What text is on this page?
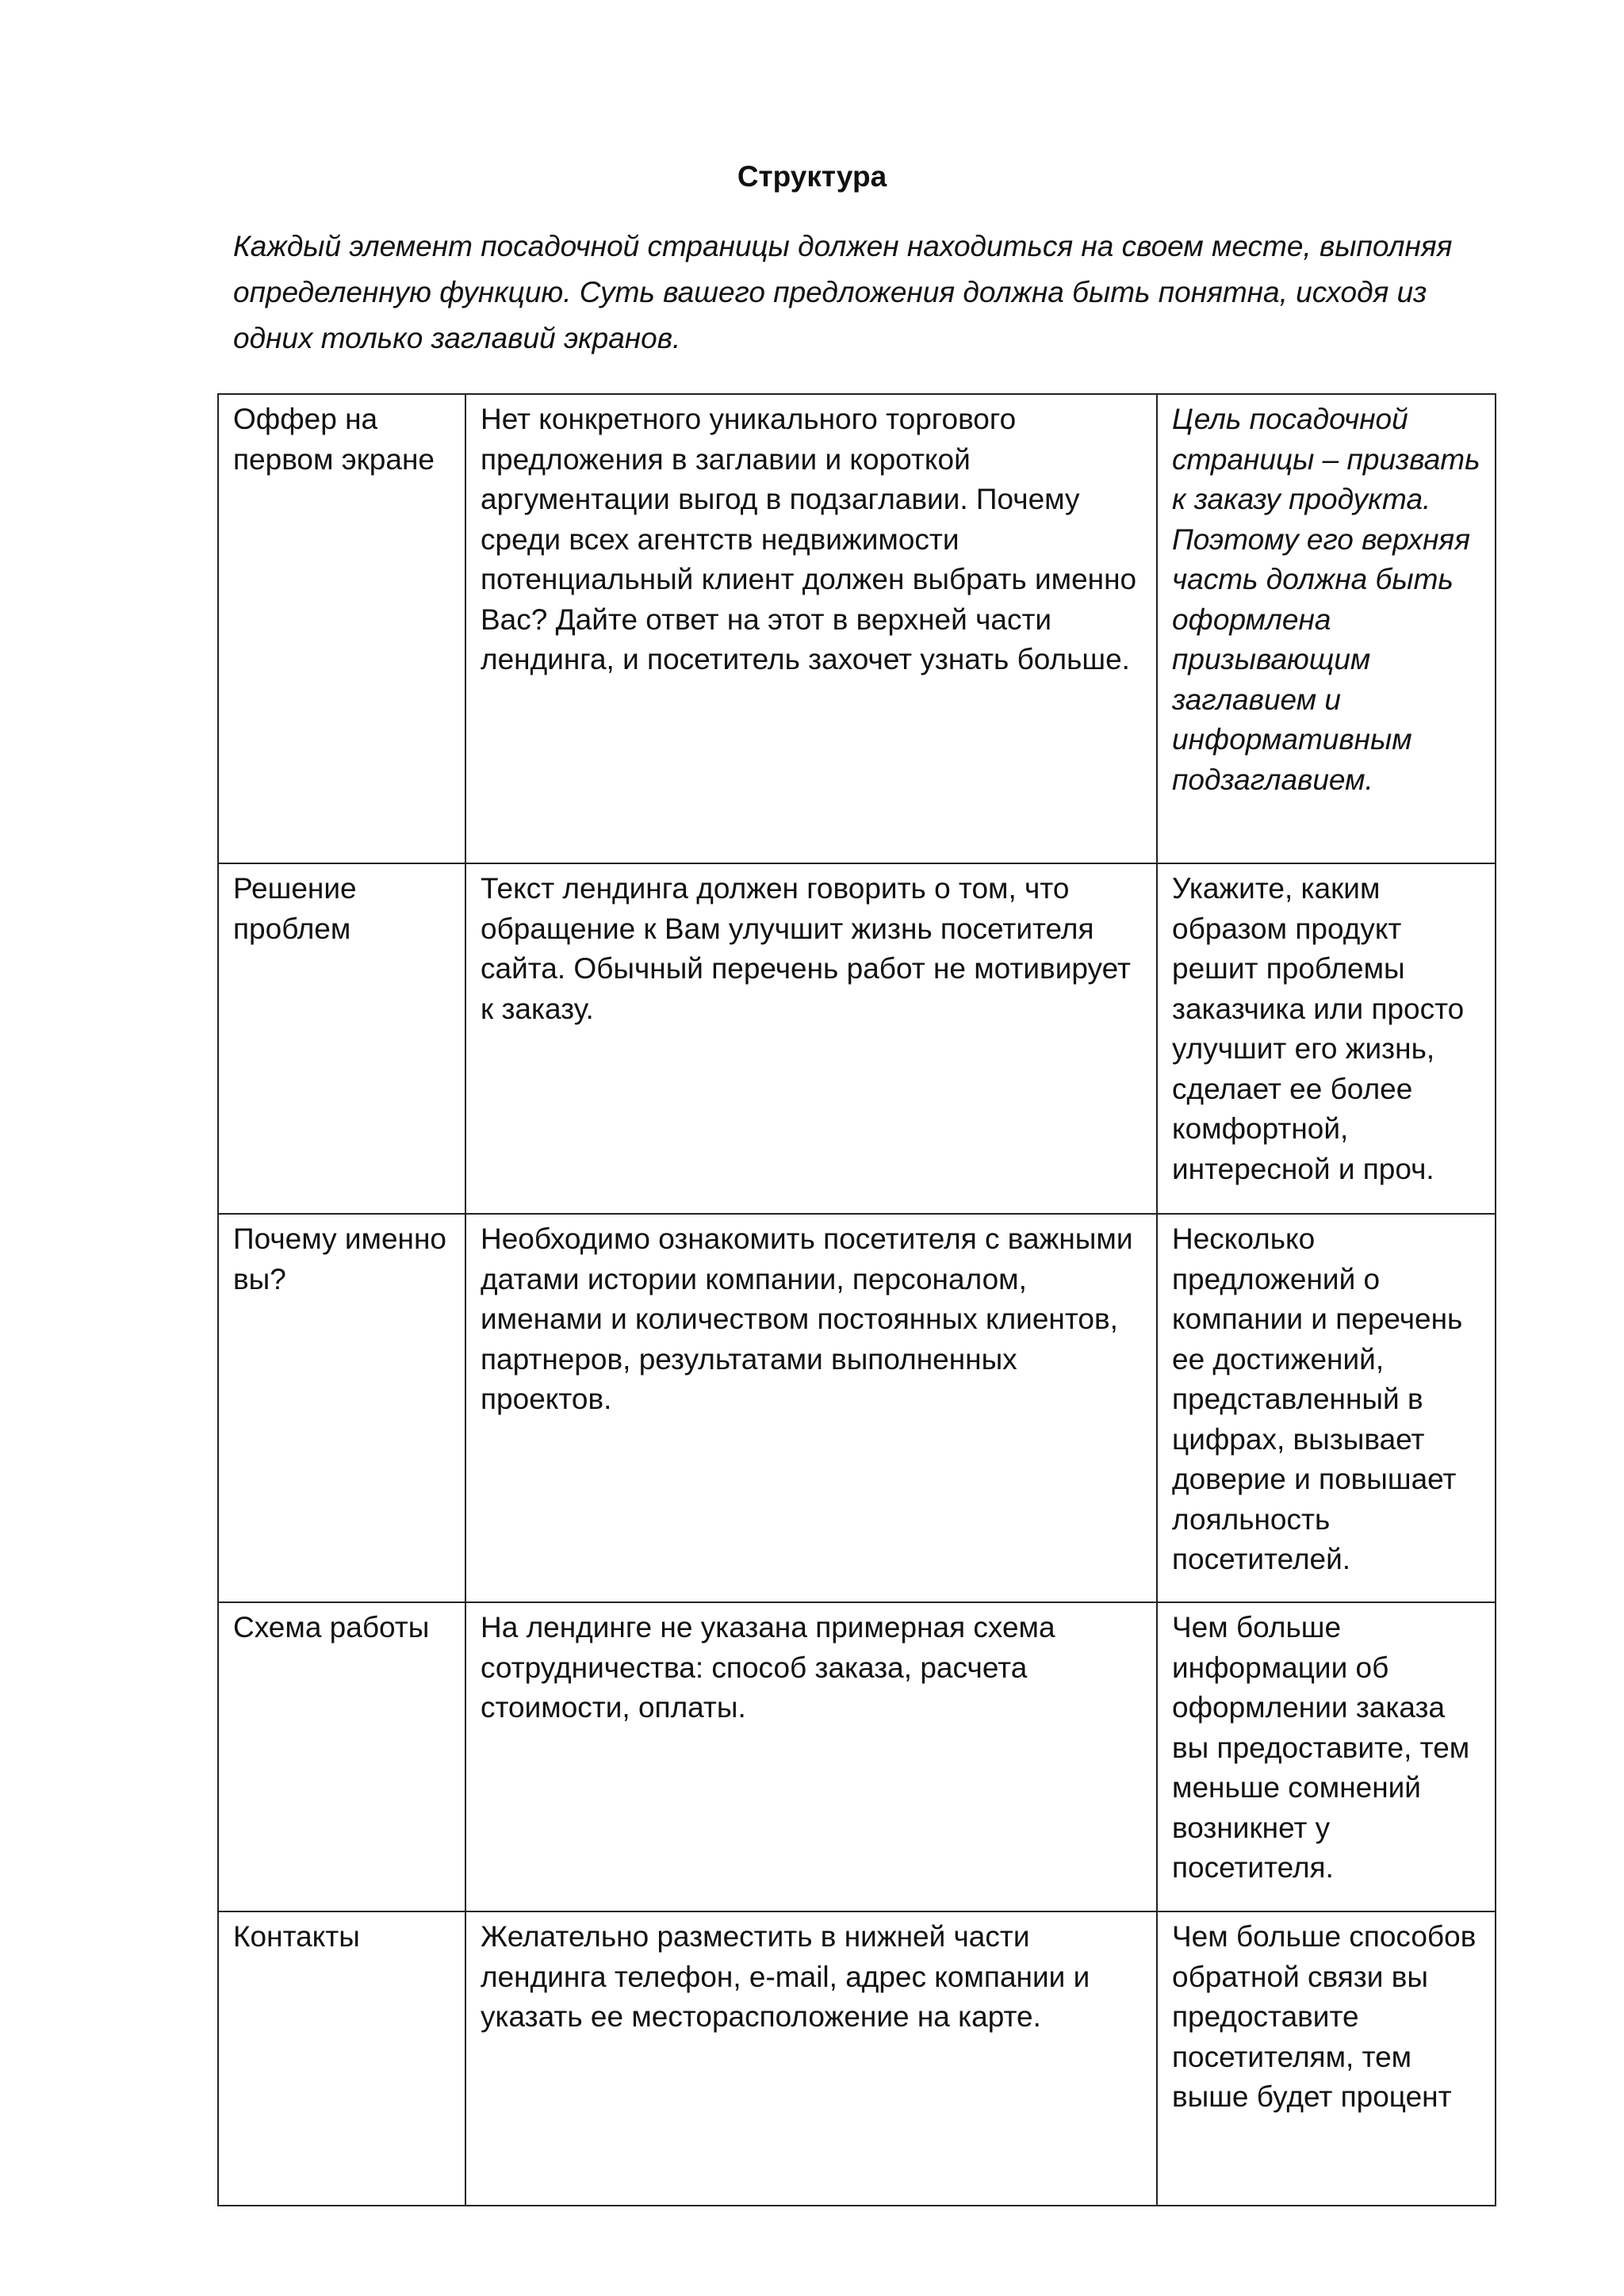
Структура

Каждый элемент посадочной страницы должен находиться на своем месте, выполняя определенную функцию. Суть вашего предложения должна быть понятна, исходя из одних только заглавий экранов.

Оффер на первом экране	Нет конкретного уникального торгового предложения в заглавии и короткой аргументации выгод в подзаглавии. Почему среди всех агентств недвижимости потенциальный клиент должен выбрать именно Вас? Дайте ответ на этот в верхней части лендинга, и посетитель захочет узнать больше.	Цель посадочной страницы – призвать к заказу продукта. Поэтому его верхняя часть должна быть оформлена призывающим заглавием и информативным подзаглавием.

Решение проблем	Текст лендинга должен говорить о том, что обращение к Вам улучшит жизнь посетителя сайта. Обычный перечень работ не мотивирует к заказу.	Укажите, каким образом продукт решит проблемы заказчика или просто улучшит его жизнь, сделает ее более комфортной, интересной и проч.

Почему именно вы?	Необходимо ознакомить посетителя с важными датами истории компании, персоналом, именами и количеством постоянных клиентов, партнеров, результатами выполненных проектов.	Несколько предложений о компании и перечень ее достижений, представленный в цифрах, вызывает доверие и повышает лояльность посетителей.

Схема работы	На лендинге не указана примерная схема сотрудничества: способ заказа, расчета стоимости, оплаты.	Чем больше информации об оформлении заказа вы предоставите, тем меньше сомнений возникнет у посетителя.

Контакты	Желательно разместить в нижней части лендинга телефон, e-mail, адрес компании и указать ее месторасположение на карте.	Чем больше способов обратной связи вы предоставите посетителям, тем выше будет процент
